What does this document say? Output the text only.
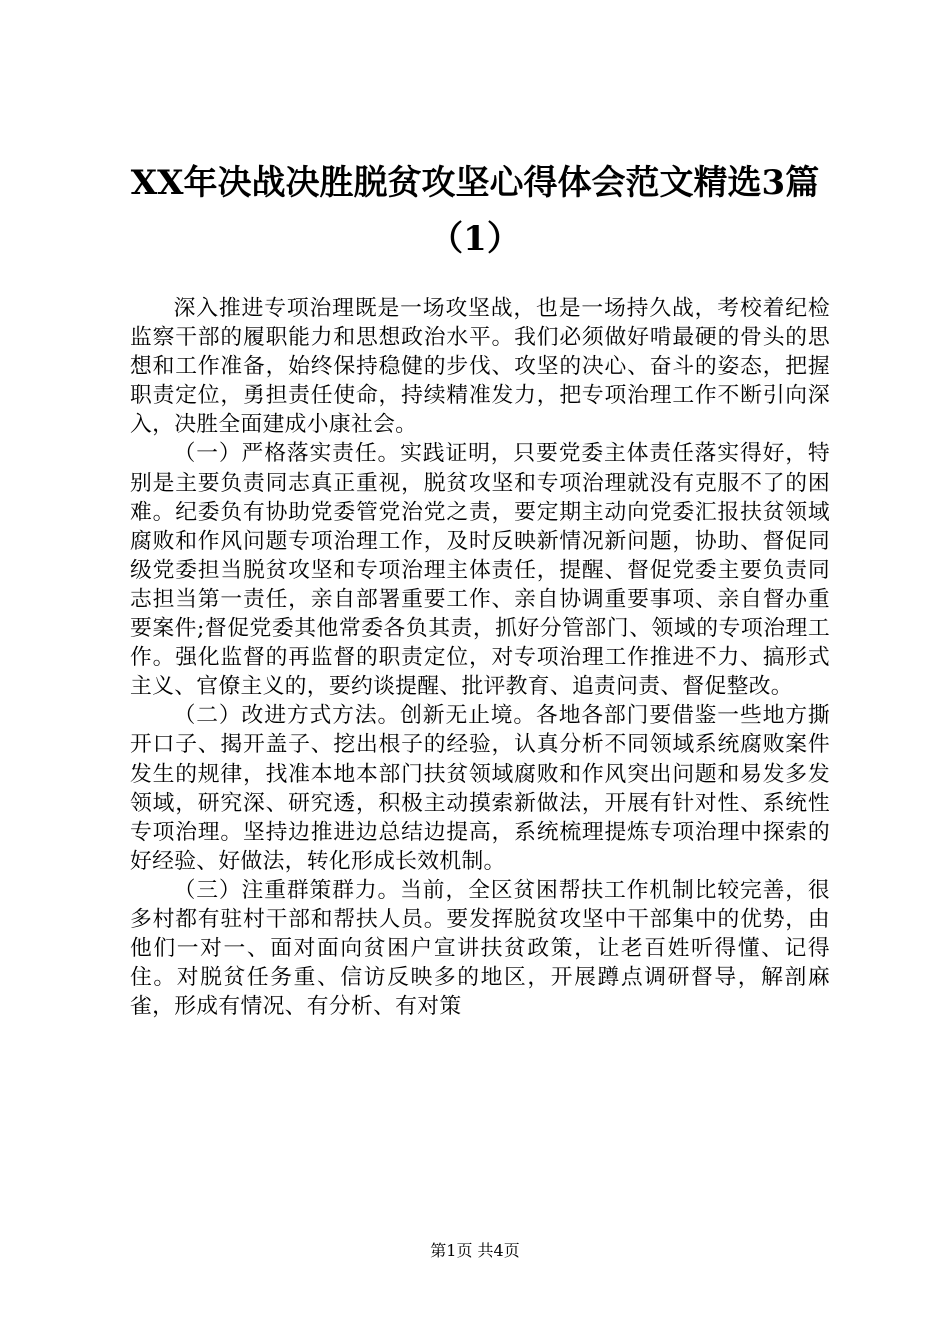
XX年决战决胜脱贫攻坚心得体会范文精选3篇（1）

深入推进专项治理既是一场攻坚战，也是一场持久战，考校着纪检监察干部的履职能力和思想政治水平。我们必须做好啃最硬的骨头的思想和工作准备，始终保持稳健的步伐、攻坚的决心、奋斗的姿态，把握职责定位，勇担责任使命，持续精准发力，把专项治理工作不断引向深入，决胜全面建成小康社会。

（一）严格落实责任。实践证明，只要党委主体责任落实得好，特别是主要负责同志真正重视，脱贫攻坚和专项治理就没有克服不了的困难。纪委负有协助党委管党治党之责，要定期主动向党委汇报扶贫领域腐败和作风问题专项治理工作，及时反映新情况新问题，协助、督促同级党委担当脱贫攻坚和专项治理主体责任，提醒、督促党委主要负责同志担当第一责任，亲自部署重要工作、亲自协调重要事项、亲自督办重要案件;督促党委其他常委各负其责，抓好分管部门、领域的专项治理工作。强化监督的再监督的职责定位，对专项治理工作推进不力、搞形式主义、官僚主义的，要约谈提醒、批评教育、追责问责、督促整改。

（二）改进方式方法。创新无止境。各地各部门要借鉴一些地方撕开口子、揭开盖子、挖出根子的经验，认真分析不同领域系统腐败案件发生的规律，找准本地本部门扶贫领域腐败和作风突出问题和易发多发领域，研究深、研究透，积极主动摸索新做法，开展有针对性、系统性专项治理。坚持边推进边总结边提高，系统梳理提炼专项治理中探索的好经验、好做法，转化形成长效机制。

（三）注重群策群力。当前，全区贫困帮扶工作机制比较完善，很多村都有驻村干部和帮扶人员。要发挥脱贫攻坚中干部集中的优势，由他们一对一、面对面向贫困户宣讲扶贫政策，让老百姓听得懂、记得住。对脱贫任务重、信访反映多的地区，开展蹲点调研督导，解剖麻雀，形成有情况、有分析、有对策

第1页 共4页
